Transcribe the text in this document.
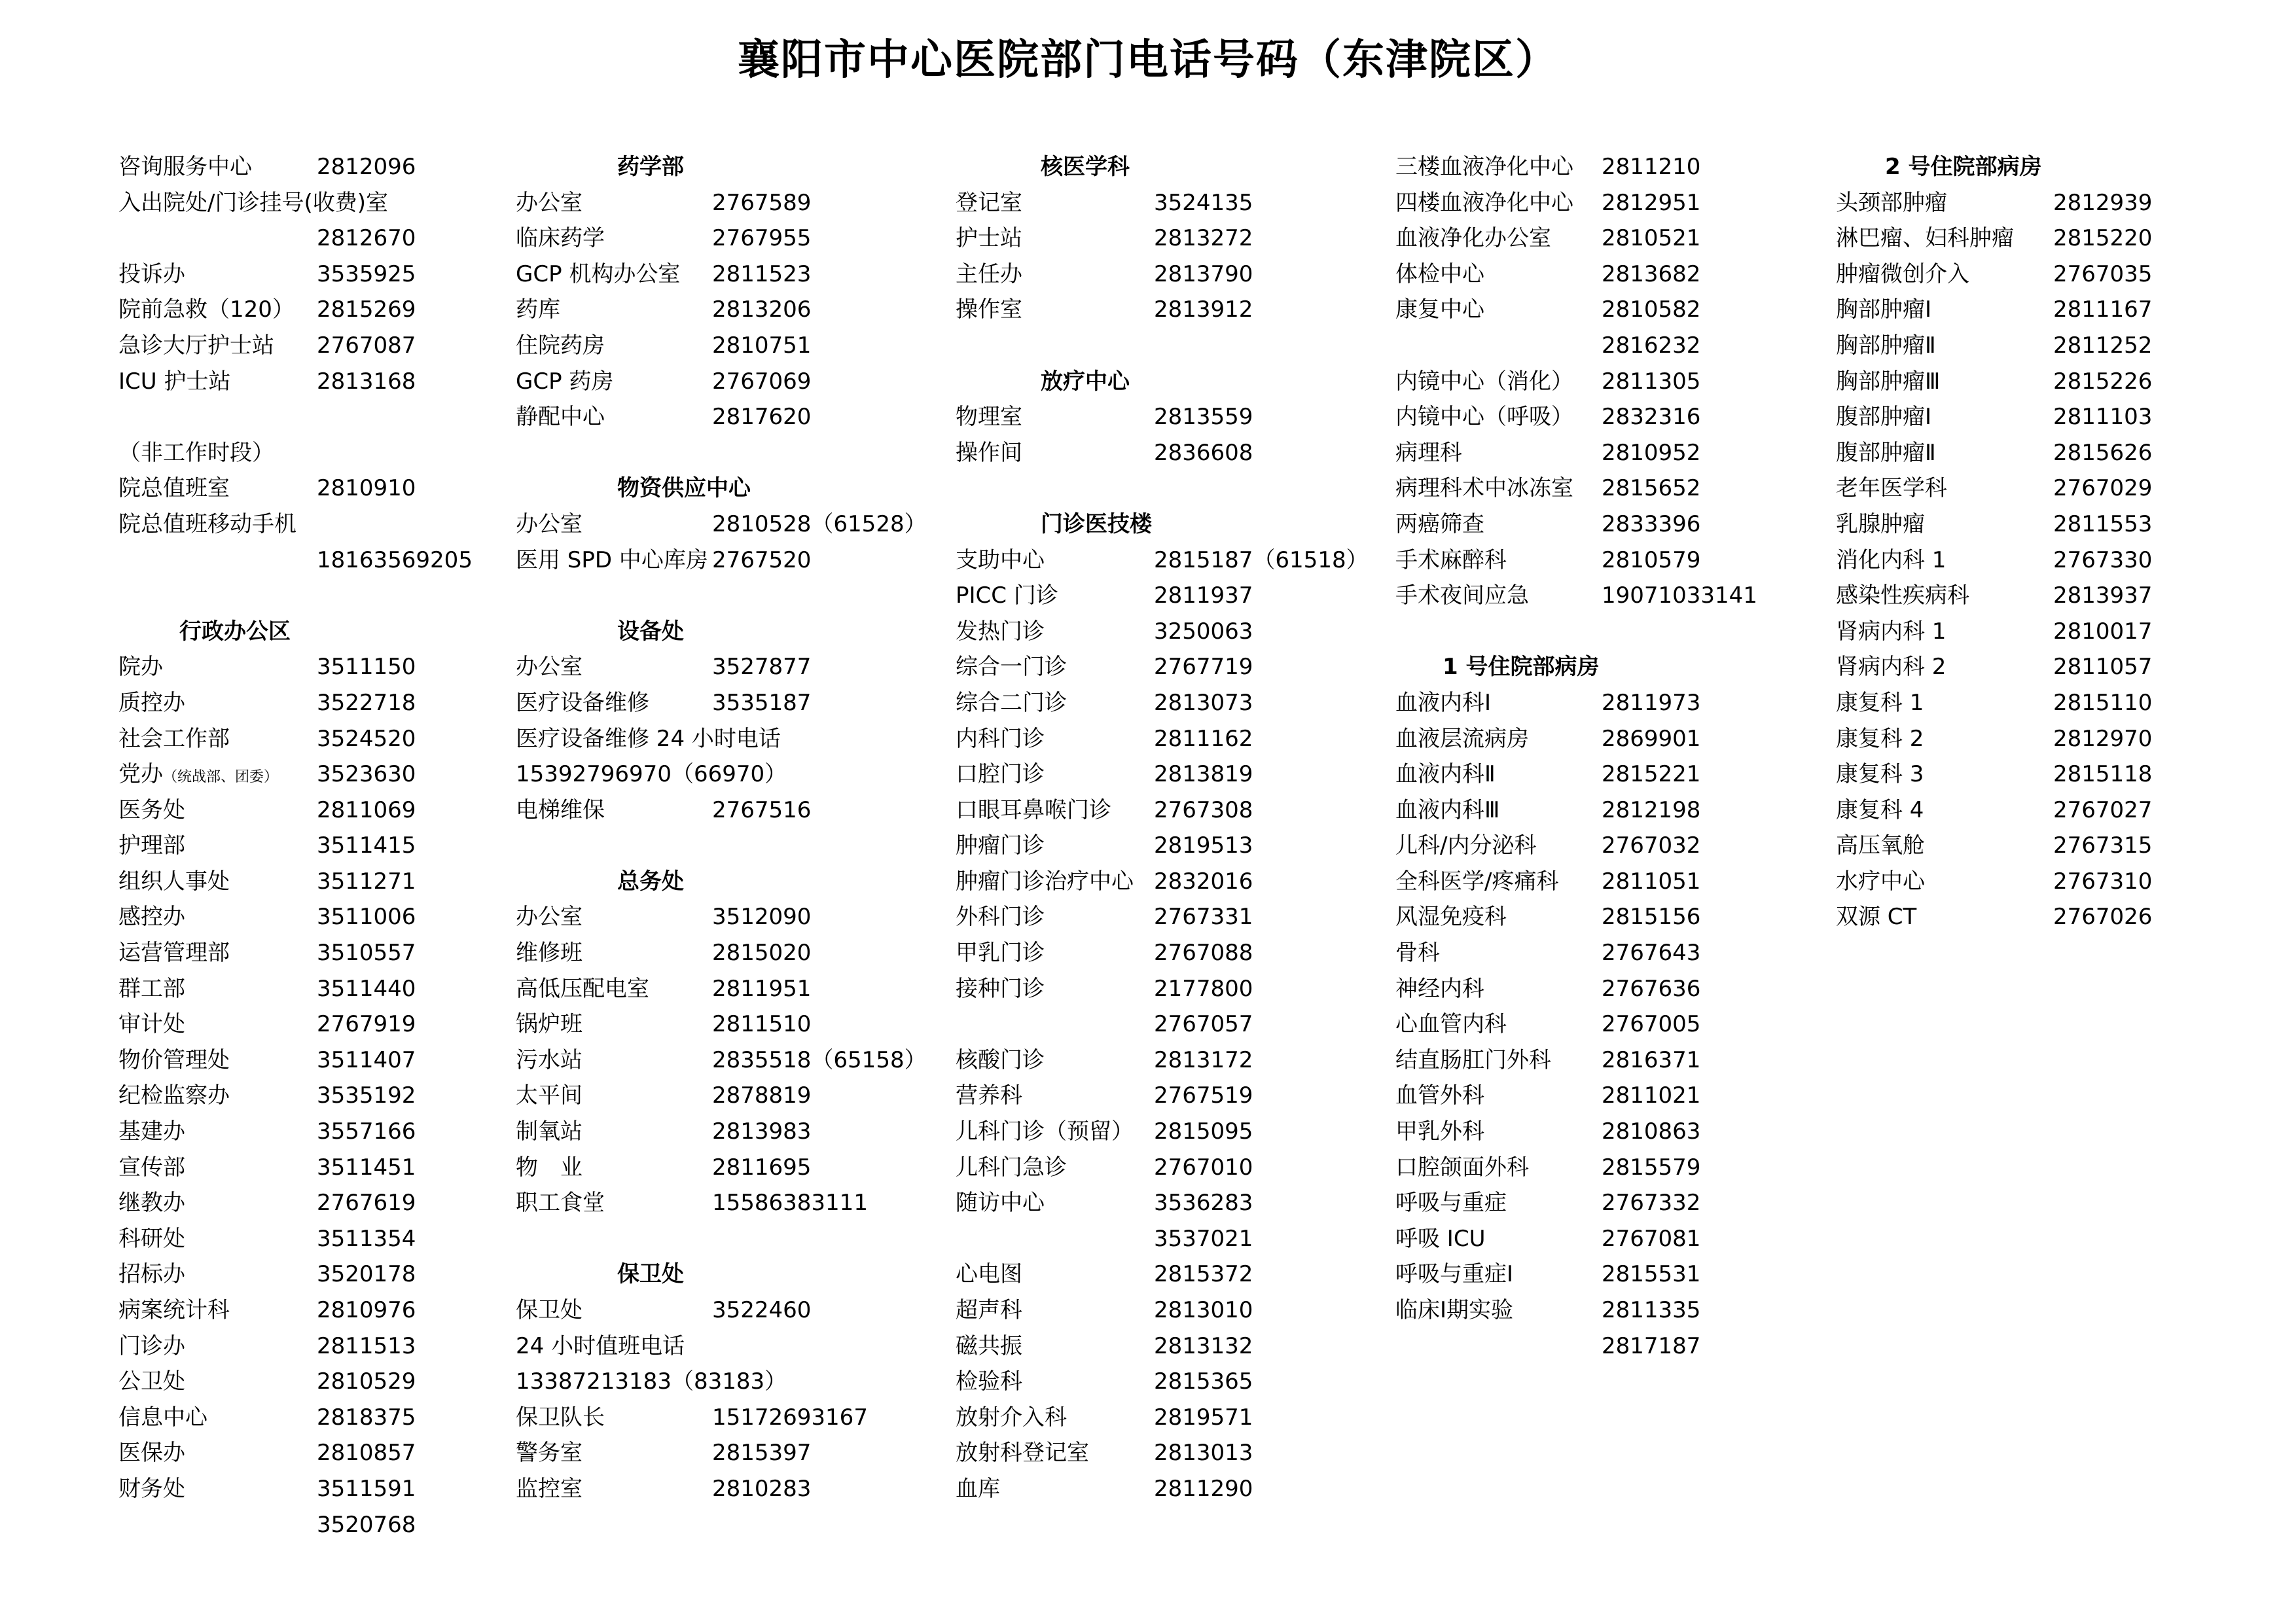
襄阳市中心医院部门电话号码（东津院区）
咨询服务中心	2812096
入出院处/门诊挂号(收费)室
2812670
投诉办	3535925
院前急救（120） 2815269
急诊大厅护士站 2767087
ICU 护士站	2813168
（非工作时段）
院总值班室	2810910
院总值班移动手机
18163569205
行政办公区
院办	3511150
质控办	3522718
社会工作部	3524520
党办（统战部、团委） 3523630
医务处	2811069
护理部	3511415
组织人事处	3511271
感控办	3511006
运营管理部	3510557
群工部	3511440
审计处	2767919
物价管理处	3511407
纪检监察办	3535192
基建办	3557166
宣传部	3511451
继教办	2767619
科研处	3511354
招标办	3520178
病案统计科	2810976
门诊办	2811513
公卫处	2810529
信息中心	2818375
医保办	2810857
财务处	3511591
3520768
药学部
办公室	2767589
临床药学	2767955
GCP 机构办公室 2811523
药库	2813206
住院药房	2810751
GCP 药房	2767069
静配中心	2817620
物资供应中心
办公室	2810528（61528）
医用 SPD 中心库房 2767520
设备处
办公室	3527877
医疗设备维修	3535187
医疗设备维修 24 小时电话
15392796970（66970）
电梯维保	2767516
总务处
办公室	3512090
维修班	2815020
高低压配电室	2811951
锅炉班	2811510
污水站	2835518（65158）
太平间	2878819
制氧站	2813983
物　业	2811695
职工食堂	15586383111
保卫处
保卫处	3522460
24 小时值班电话
13387213183（83183）
保卫队长	15172693167
警务室	2815397
监控室	2810283
核医学科
登记室	3524135
护士站	2813272
主任办	2813790
操作室	2813912
放疗中心
物理室	2813559
操作间	2836608
门诊医技楼
支助中心	2815187（61518）
PICC 门诊	2811937
发热门诊	3250063
综合一门诊	2767719
综合二门诊	2813073
内科门诊	2811162
口腔门诊	2813819
口眼耳鼻喉门诊 2767308
肿瘤门诊	2819513
肿瘤门诊治疗中心 2832016
外科门诊	2767331
甲乳门诊	2767088
接种门诊	2177800
2767057
核酸门诊	2813172
营养科	2767519
儿科门诊（预留） 2815095
儿科门急诊	2767010
随访中心	3536283
3537021
心电图	2815372
超声科	2813010
磁共振	2813132
检验科	2815365
放射介入科	2819571
放射科登记室	2813013
血库	2811290
三楼血液净化中心 2811210
四楼血液净化中心 2812951
血液净化办公室 2810521
体检中心	2813682
康复中心	2810582
2816232
内镜中心（消化） 2811305
内镜中心（呼吸） 2832316
病理科	2810952
病理科术中冰冻室 2815652
两癌筛查	2833396
手术麻醉科	2810579
手术夜间应急	19071033141
1 号住院部病房
血液内科Ⅰ	2811973
血液层流病房	2869901
血液内科Ⅱ	2815221
血液内科Ⅲ	2812198
儿科/内分泌科	2767032
全科医学/疼痛科 2811051
风湿免疫科	2815156
骨科	2767643
神经内科	2767636
心血管内科	2767005
结直肠肛门外科 2816371
血管外科	2811021
甲乳外科	2810863
口腔颌面外科	2815579
呼吸与重症	2767332
呼吸 ICU	2767081
呼吸与重症Ⅰ	2815531
临床Ⅰ期实验	2811335
2817187
2 号住院部病房
头颈部肿瘤	2812939
淋巴瘤、妇科肿瘤 2815220
肿瘤微创介入	2767035
胸部肿瘤Ⅰ	2811167
胸部肿瘤Ⅱ	2811252
胸部肿瘤Ⅲ	2815226
腹部肿瘤Ⅰ	2811103
腹部肿瘤Ⅱ	2815626
老年医学科	2767029
乳腺肿瘤	2811553
消化内科 1	2767330
感染性疾病科	2813937
肾病内科 1	2810017
肾病内科 2	2811057
康复科 1	2815110
康复科 2	2812970
康复科 3	2815118
康复科 4	2767027
高压氧舱	2767315
水疗中心	2767310
双源 CT	2767026
